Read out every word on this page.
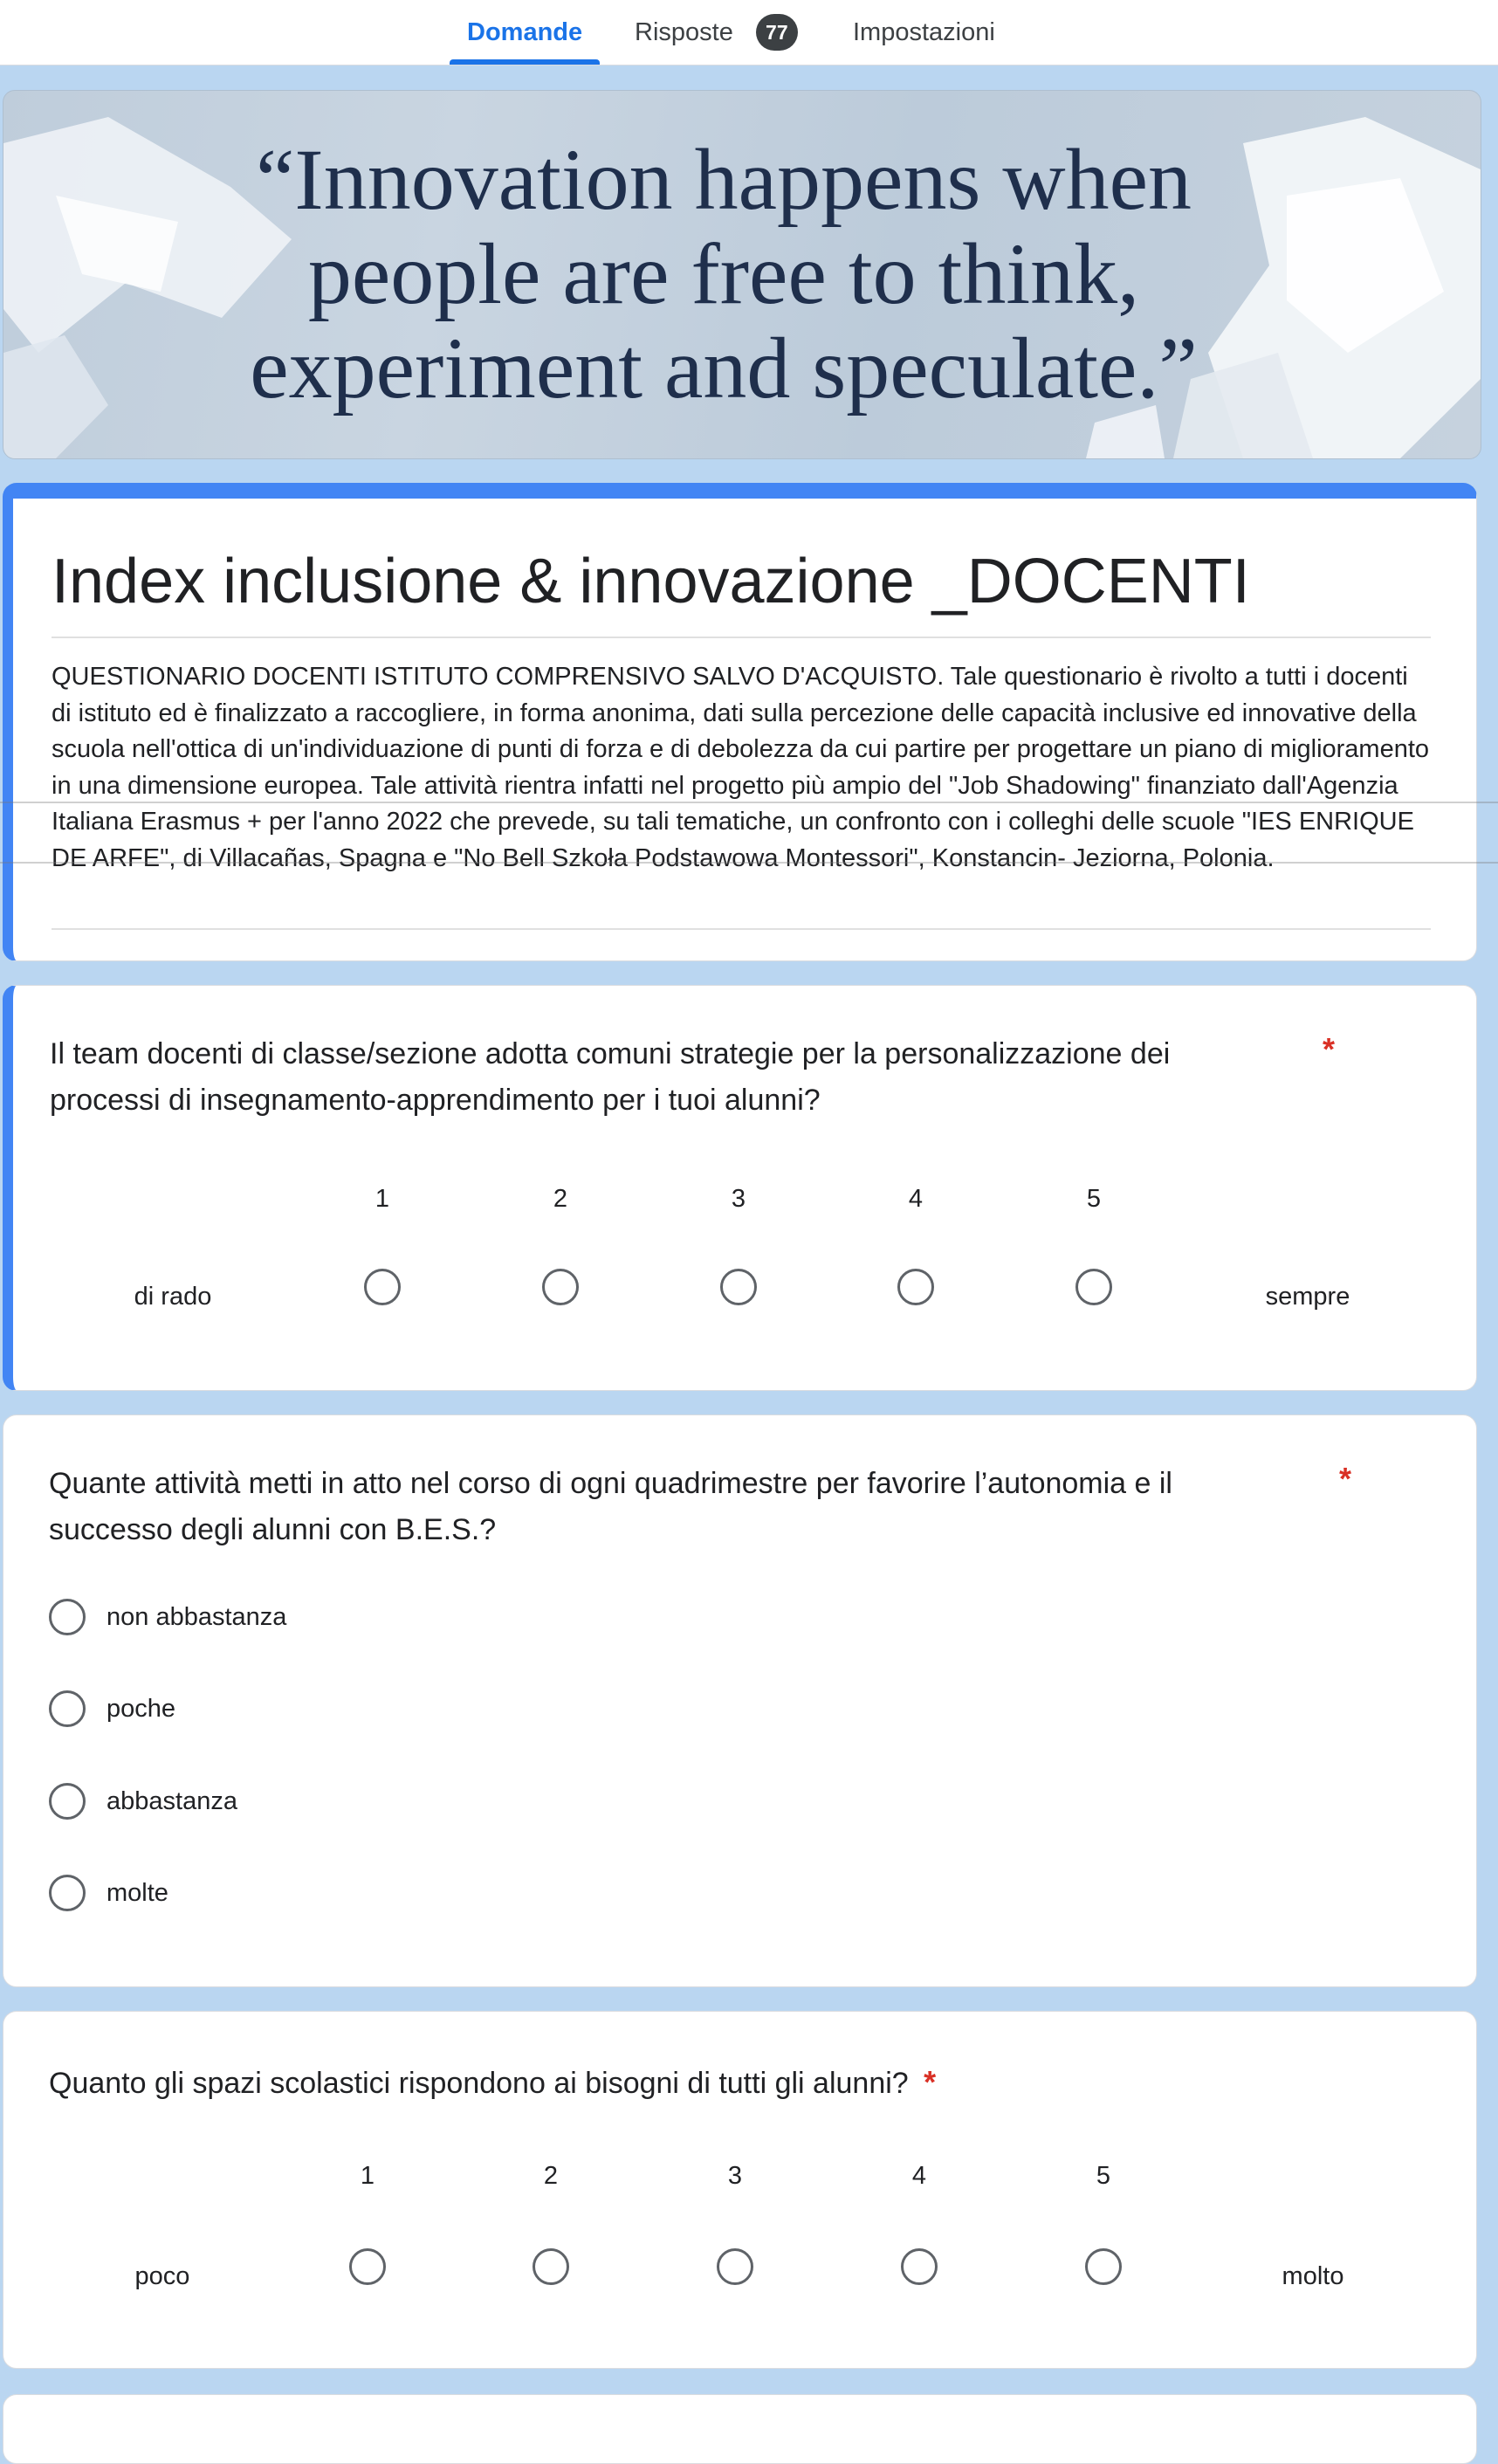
Domande Risposte	77	Impostazioni
“Innovation happens when
people are free to think,
experiment and speculate.”
Index inclusione & innovazione _DOCENTI
QUESTIONARIO DOCENTI ISTITUTO COMPRENSIVO SALVO D'ACQUISTO. Tale questionario è rivolto a tutti i docenti di istituto ed è finalizzato a raccogliere, in forma anonima, dati sulla percezione delle capacità inclusive ed innovative della scuola nell'ottica di un'individuazione di punti di forza e di debolezza da cui partire per progettare un piano di miglioramento in una dimensione europea. Tale attività rientra infatti nel progetto più ampio del "Job Shadowing" finanziato dall'Agenzia Italiana Erasmus + per l'anno 2022 che prevede, su tali tematiche, un confronto con i colleghi delle scuole "IES ENRIQUE DE ARFE", di Villacañas, Spagna e "No Bell Szkoła Podstawowa Montessori", Konstancin- Jeziorna, Polonia.
Il team docenti di classe/sezione adotta comuni strategie per la personalizzazione dei
processi di insegnamento-apprendimento per i tuoi alunni?
*
1	2	3	4	5
di rado	sempre
Quante attività metti in atto nel corso di ogni quadrimestre per favorire l’autonomia e il
successo degli alunni con B.E.S.?
*
non abbastanza
poche
abbastanza
molte
Quanto gli spazi scolastici rispondono ai bisogni di tutti gli alunni? *
1	2	3	4	5
poco	molto
